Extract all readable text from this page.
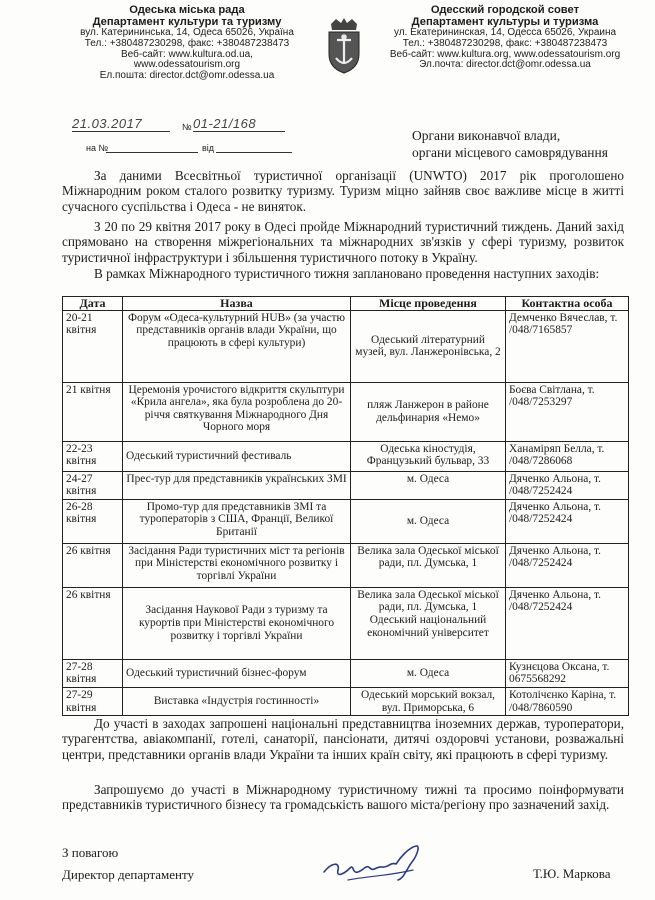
Одеська міська рада
Департамент культури та туризму
вул. Катерининська, 14, Одеса 65026, Україна
Тел.: +380487230298, факс: +380487238473
Веб-сайт: www.kultura.od.ua,
www.odessatourism.org
Ел.пошта: director.dct@omr.odessa.ua
Одесский городской совет
Департамент культуры и туризма
ул. Екатерининская, 14, Одесса 65026, Украина
Тел.: +380487230298, факс: +380487238473
Веб-сайт: www.kultura.org, www.odessatourism.org
Эл.почта: director.dct@omr.odessa.ua
21.03.2017	№ 01-21/168
на №	від
Органи виконавчої влади,
органи місцевого самоврядування
За даними Всесвітньої туристичної організації (UNWTO) 2017 рік проголошено Міжнародним роком сталого розвитку туризму. Туризм міцно зайняв своє важливе місце в житті сучасного суспільства і Одеса - не виняток.
З 20 по 29 квітня 2017 року в Одесі пройде Міжнародний туристичний тиждень. Даний захід спрямовано на створення міжрегіональних та міжнародних зв'язків у сфері туризму, розвиток туристичної інфраструктури і збільшення туристичного потоку в Україну.
В рамках Міжнародного туристичного тижня заплановано проведення наступних заходів:
Дата	Назва	Місце проведення	Контактна особа
20-21 квітня	Форум «Одеса-культурний HUB» (за участю представників органів влади України, що працюють в сфері культури)	Одеський літературний музей, вул. Ланжеронівська, 2	Демченко Вячеслав, т. /048/7165857
21 квітня	Церемонія урочистого відкриття скульптури «Крила ангела», яка була розроблена до 20-річчя святкування Міжнародного Дня Чорного моря	пляж Ланжерон в районе дельфинария «Немо»	Боєва Світлана, т. /048/7253297
22-23 квітня	Одеський туристичний фестиваль	Одеська кіностудія, Французький бульвар, 33	Ханаміряп Белла, т. /048/7286068
24-27 квітня	Прес-тур для представників українських ЗМІ	м. Одеса	Дяченко Альона, т. /048/7252424
26-28 квітня	Промо-тур для представників ЗМІ та туроператорів з США, Франції, Великої Британії	м. Одеса	Дяченко Альона, т. /048/7252424
26 квітня	Засідання Ради туристичних міст та регіонів при Міністерстві економічного розвитку і торгівлі України	Велика зала Одеської міської ради, пл. Думська, 1	Дяченко Альона, т. /048/7252424
26 квітня	Засідання Наукової Ради з туризму та курортів при Міністерстві економічного розвитку і торгівлі України	Велика зала Одеської міської ради, пл. Думська, 1 Одеський національний економічний університет	Дяченко Альона, т. /048/7252424
27-28 квітня	Одеський туристичний бізнес-форум	м. Одеса	Кузнєцова Оксана, т. 0675568292
27-29 квітня	Виставка «Індустрія гостинності»	Одеський морський вокзал, вул. Приморська, 6	Котолічєнко Каріна, т. /048/7860590
До участі в заходах запрошені національні представництва іноземних держав, туроператори, турагентства, авіакомпанії, готелі, санаторії, пансіонати, дитячі оздоровчі установи, розважальні центри, представники органів влади України та інших країн світу, які працюють в сфері туризму.
Запрошуємо до участі в Міжнародному туристичному тижні та просимо поінформувати представників туристичного бізнесу та громадськість вашого міста/регіону про зазначений захід.
З повагою
Директор департаменту	Т.Ю. Маркова
